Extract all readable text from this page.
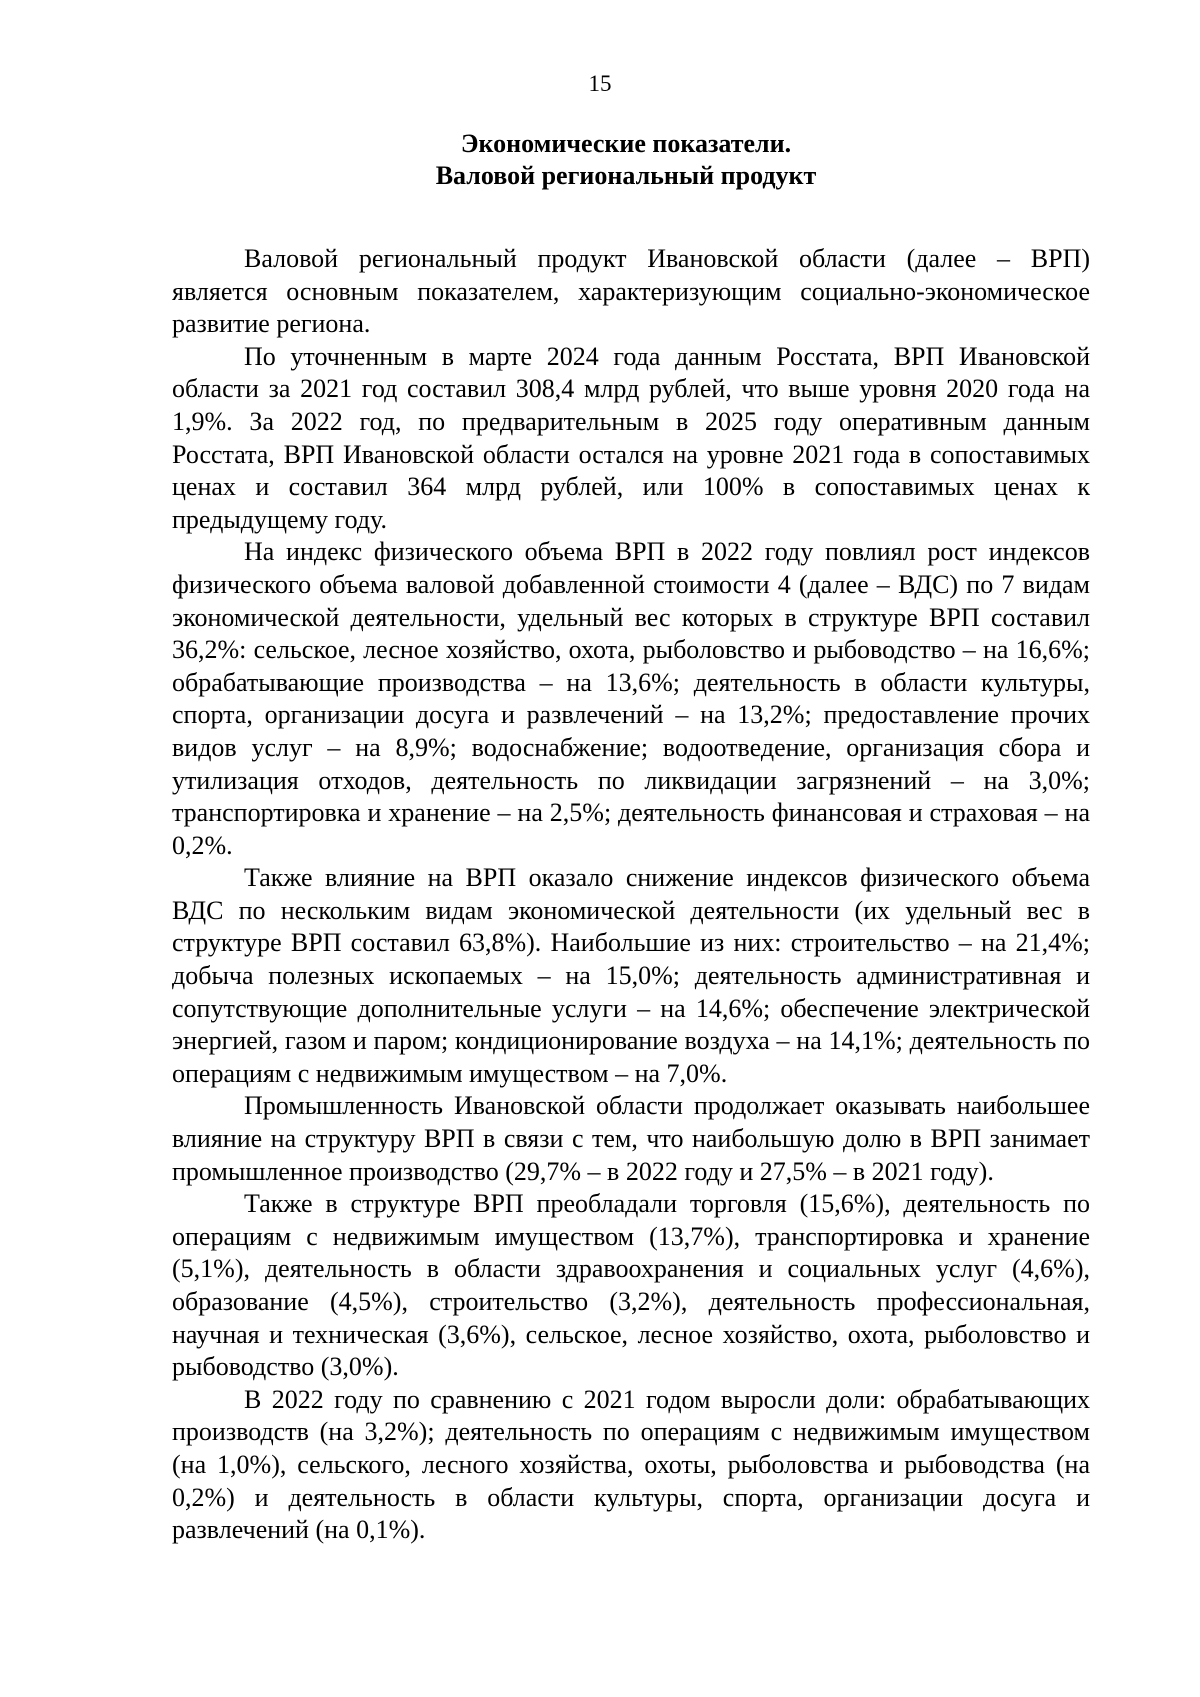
15
Экономические показатели.
Валовой региональный продукт

Валовой региональный продукт Ивановской области (далее – ВРП) является основным показателем, характеризующим социально-экономическое развитие региона.

По уточненным в марте 2024 года данным Росстата, ВРП Ивановской области за 2021 год составил 308,4 млрд рублей, что выше уровня 2020 года на 1,9%. За 2022 год, по предварительным в 2025 году оперативным данным Росстата, ВРП Ивановской области остался на уровне 2021 года в сопоставимых ценах и составил 364 млрд рублей, или 100% в сопоставимых ценах к предыдущему году.

На индекс физического объема ВРП в 2022 году повлиял рост индексов физического объема валовой добавленной стоимости 4 (далее – ВДС) по 7 видам экономической деятельности, удельный вес которых в структуре ВРП составил 36,2%: сельское, лесное хозяйство, охота, рыболовство и рыбоводство – на 16,6%; обрабатывающие производства – на 13,6%; деятельность в области культуры, спорта, организации досуга и развлечений – на 13,2%; предоставление прочих видов услуг – на 8,9%; водоснабжение; водоотведение, организация сбора и утилизация отходов, деятельность по ликвидации загрязнений – на 3,0%; транспортировка и хранение – на 2,5%; деятельность финансовая и страховая – на 0,2%.

Также влияние на ВРП оказало снижение индексов физического объема ВДС по нескольким видам экономической деятельности (их удельный вес в структуре ВРП составил 63,8%). Наибольшие из них: строительство – на 21,4%; добыча полезных ископаемых – на 15,0%; деятельность административная и сопутствующие дополнительные услуги – на 14,6%; обеспечение электрической энергией, газом и паром; кондиционирование воздуха – на 14,1%; деятельность по операциям с недвижимым имуществом – на 7,0%.

Промышленность Ивановской области продолжает оказывать наибольшее влияние на структуру ВРП в связи с тем, что наибольшую долю в ВРП занимает промышленное производство (29,7% – в 2022 году и 27,5% – в 2021 году).

Также в структуре ВРП преобладали торговля (15,6%), деятельность по операциям с недвижимым имуществом (13,7%), транспортировка и хранение (5,1%), деятельность в области здравоохранения и социальных услуг (4,6%), образование (4,5%), строительство (3,2%), деятельность профессиональная, научная и техническая (3,6%), сельское, лесное хозяйство, охота, рыболовство и рыбоводство (3,0%).

В 2022 году по сравнению с 2021 годом выросли доли: обрабатывающих производств (на 3,2%); деятельность по операциям с недвижимым имуществом (на 1,0%), сельского, лесного хозяйства, охоты, рыболовства и рыбоводства (на 0,2%) и деятельность в области культуры, спорта, организации досуга и развлечений (на 0,1%).
